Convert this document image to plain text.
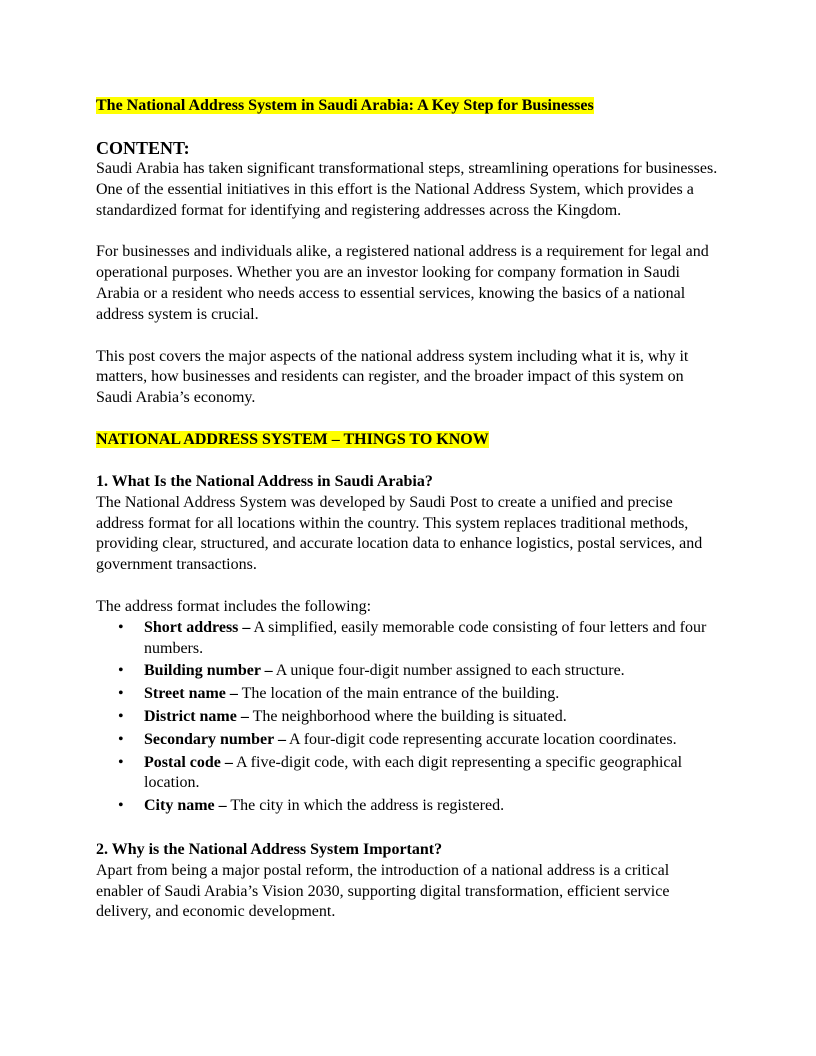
The National Address System in Saudi Arabia: A Key Step for Businesses

CONTENT:

Saudi Arabia has taken significant transformational steps, streamlining operations for businesses. One of the essential initiatives in this effort is the National Address System, which provides a standardized format for identifying and registering addresses across the Kingdom.

For businesses and individuals alike, a registered national address is a requirement for legal and operational purposes. Whether you are an investor looking for company formation in Saudi Arabia or a resident who needs access to essential services, knowing the basics of a national address system is crucial.

This post covers the major aspects of the national address system including what it is, why it matters, how businesses and residents can register, and the broader impact of this system on Saudi Arabia’s economy.

NATIONAL ADDRESS SYSTEM – THINGS TO KNOW

1. What Is the National Address in Saudi Arabia?

The National Address System was developed by Saudi Post to create a unified and precise address format for all locations within the country. This system replaces traditional methods, providing clear, structured, and accurate location data to enhance logistics, postal services, and government transactions.

The address format includes the following:

• Short address – A simplified, easily memorable code consisting of four letters and four numbers.
• Building number – A unique four-digit number assigned to each structure.
• Street name – The location of the main entrance of the building.
• District name – The neighborhood where the building is situated.
• Secondary number – A four-digit code representing accurate location coordinates.
• Postal code – A five-digit code, with each digit representing a specific geographical location.
• City name – The city in which the address is registered.

2. Why is the National Address System Important?

Apart from being a major postal reform, the introduction of a national address is a critical enabler of Saudi Arabia’s Vision 2030, supporting digital transformation, efficient service delivery, and economic development.
